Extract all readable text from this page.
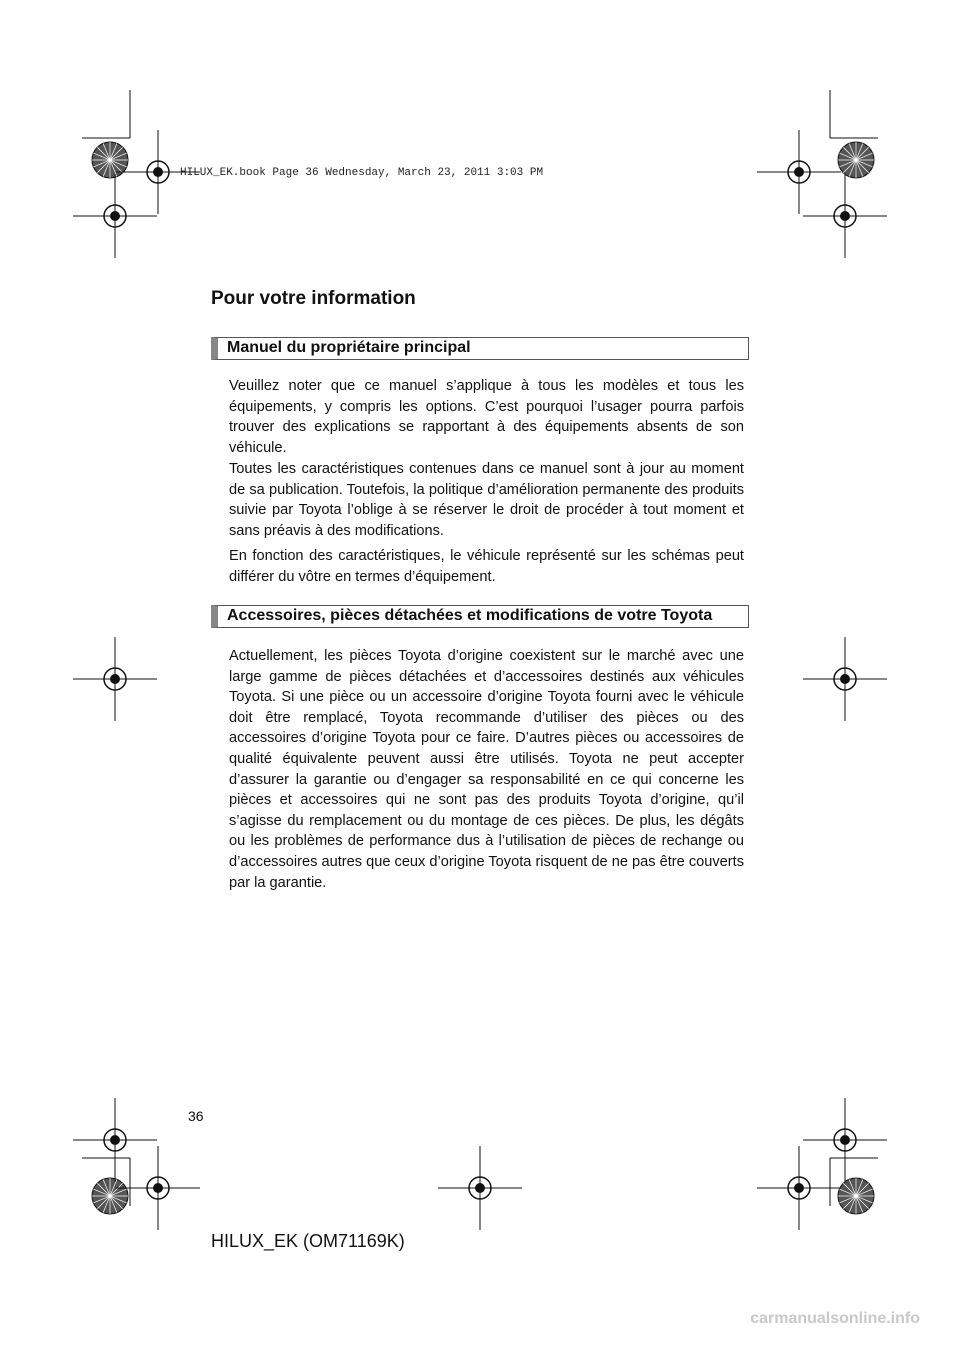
HILUX_EK.book Page 36 Wednesday, March 23, 2011 3:03 PM
Pour votre information
Manuel du propriétaire principal

Veuillez noter que ce manuel s’applique à tous les modèles et tous les équipements, y compris les options. C’est pourquoi l’usager pourra parfois trouver des explications se rapportant à des équipements absents de son véhicule.

Toutes les caractéristiques contenues dans ce manuel sont à jour au moment de sa publication. Toutefois, la politique d’amélioration permanente des produits suivie par Toyota l’oblige à se réserver le droit de procéder à tout moment et sans préavis à des modifications.

En fonction des caractéristiques, le véhicule représenté sur les schémas peut différer du vôtre en termes d’équipement.

Accessoires, pièces détachées et modifications de votre Toyota

Actuellement, les pièces Toyota d’origine coexistent sur le marché avec une large gamme de pièces détachées et d’accessoires destinés aux véhicules Toyota. Si une pièce ou un accessoire d’origine Toyota fourni avec le véhicule doit être remplacé, Toyota recommande d’utiliser des pièces ou des accessoires d’origine Toyota pour ce faire. D’autres pièces ou accessoires de qualité équivalente peuvent aussi être utilisés. Toyota ne peut accepter d’assurer la garantie ou d’engager sa responsabilité en ce qui concerne les pièces et accessoires qui ne sont pas des produits Toyota d’origine, qu’il s’agisse du remplacement ou du montage de ces pièces. De plus, les dégâts ou les problèmes de performance dus à l’utilisation de pièces de rechange ou d’accessoires autres que ceux d’origine Toyota risquent de ne pas être couverts par la garantie.

36
HILUX_EK (OM71169K)
carmanualsonline.info
